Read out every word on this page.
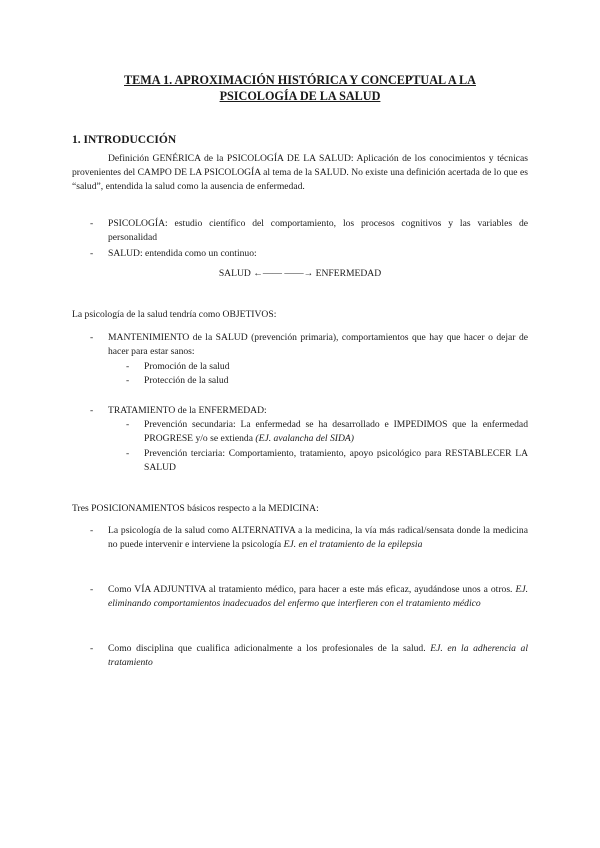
TEMA 1. APROXIMACIÓN HISTÓRICA Y CONCEPTUAL A LA
PSICOLOGÍA DE LA SALUD
1. INTRODUCCIÓN
Definición GENÉRICA de la PSICOLOGÍA DE LA SALUD: Aplicación de los conocimientos y técnicas provenientes del CAMPO DE LA PSICOLOGÍA al tema de la SALUD. No existe una definición acertada de lo que es “salud”, entendida la salud como la ausencia de enfermedad.
- PSICOLOGÍA: estudio científico del comportamiento, los procesos cognitivos y las variables de personalidad
- SALUD: entendida como un continuo:
SALUD ←—— ——→ ENFERMEDAD
La psicología de la salud tendría como OBJETIVOS:
- MANTENIMIENTO de la SALUD (prevención primaria), comportamientos que hay que hacer o dejar de hacer para estar sanos:
- Promoción de la salud
- Protección de la salud
- TRATAMIENTO de la ENFERMEDAD:
- Prevención secundaria: La enfermedad se ha desarrollado e IMPEDIMOS que la enfermedad PROGRESE y/o se extienda (EJ. avalancha del SIDA)
- Prevención terciaria: Comportamiento, tratamiento, apoyo psicológico para RESTABLECER LA SALUD
Tres POSICIONAMIENTOS básicos respecto a la MEDICINA:
- La psicología de la salud como ALTERNATIVA a la medicina, la vía más radical/sensata donde la medicina no puede intervenir e interviene la psicología EJ. en el tratamiento de la epilepsia
- Como VÍA ADJUNTIVA al tratamiento médico, para hacer a este más eficaz, ayudándose unos a otros. EJ. eliminando comportamientos inadecuados del enfermo que interfieren con el tratamiento médico
- Como disciplina que cualifica adicionalmente a los profesionales de la salud. EJ. en la adherencia al tratamiento
